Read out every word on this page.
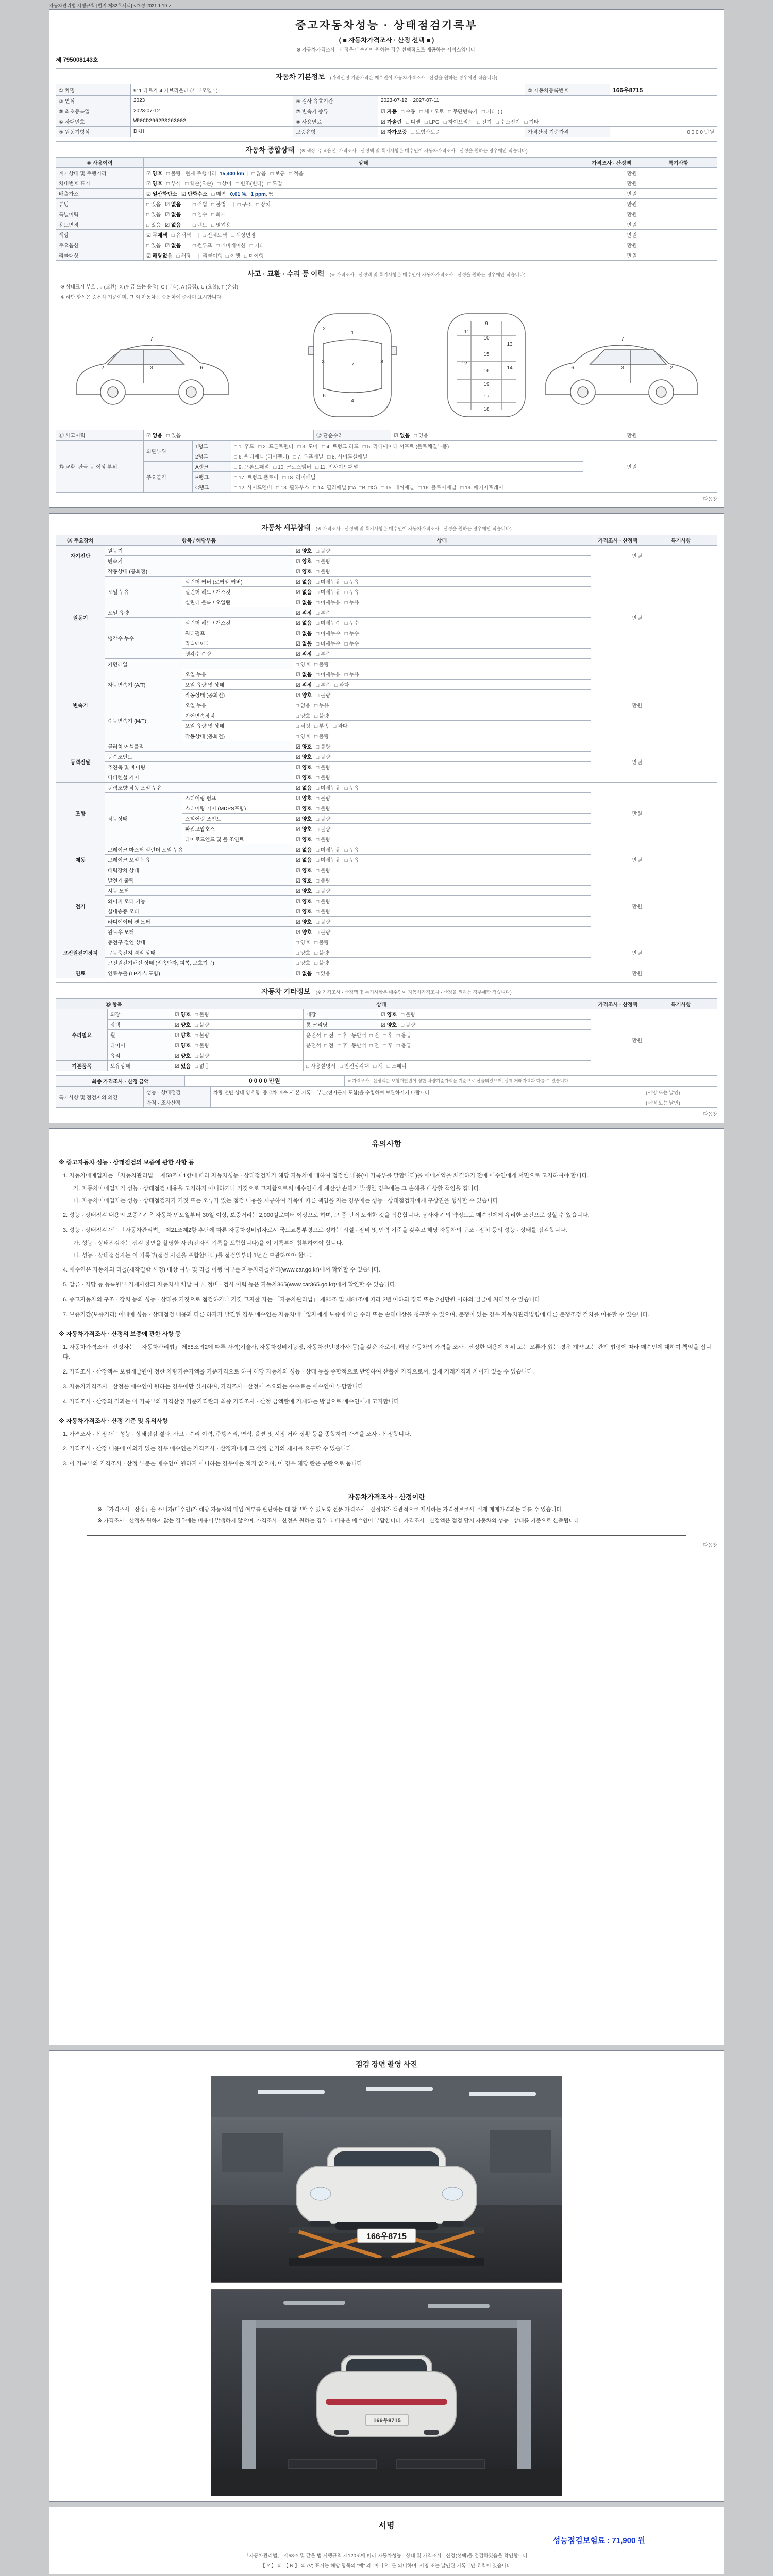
자동차관리법 시행규칙 [별지 제82호서식] <개정 2021.1.19.>
중고자동차성능 · 상태점검기록부
( ■ 자동차가격조사 · 산정 선택 ■ )
※ 자동차가격조사 · 산정은 매수인이 원하는 경우 선택적으로 제공하는 서비스입니다.
제 795008143호
자동차 기본정보 (가격산정 기준가격은 매수인이 자동차가격조사 · 산정을 원하는 경우에만 적습니다)
① 차명	911 타르가 4 카브리올레 (세부모델 : )			② 자동차등록번호	166우8715
③ 연식	2023	④ 검사 유효기간	2023-07-12 ~ 2027-07-11		
⑤ 최초등록일	2023-07-12	⑦ 변속기 종류	☑ 자동 □ 수동 □ 세미오토 □ 무단변속기 □ 기타 ( )		
⑥ 차대번호	WP0CD2962PS263002	⑧ 사용연료	☑ 가솔린 □ 디젤 □ LPG □ 하이브리드 □ 전기 □ 수소전기 □ 기타		
⑨ 원동기형식	DKH	보증유형	☑ 자가보증 □ 보험사보증	가격산정 기준가격	0 0 0 0 만원
자동차 종합상태 (※ 색상, 주요옵션, 가격조사 · 산정액 및 특기사항은 매수인이 자동차가격조사 · 산정을 원하는 경우에만 적습니다)
⑩ 사용이력	상태	가격조사 · 산정액	특기사항
계기상태 및 주행거리	☑ 양호 □ 불량 현재 주행거리 15,400 km | □ 많음 □ 보통 □ 적음	만원	
차대번호 표기	☑ 양호 □ 부식 □ 훼손(오손) □ 상이 □ 변조(변타) □ 도말	만원	
배출가스	☑ 일산화탄소 ☑ 탄화수소 □ 매연 0.01 %, 1 ppm, %	만원	
튜닝	□ 있음 ☑ 없음 | □ 적법 □ 불법 | □ 구조 □ 장치	만원	
특별이력	□ 있음 ☑ 없음 | □ 침수 □ 화재	만원	
용도변경	□ 있음 ☑ 없음 | □ 렌트 □ 영업용	만원	
색상	☑ 무채색 □ 유채색 | □ 전체도색 □ 색상변경	만원	
주요옵션	□ 있음 ☑ 없음 | □ 썬루프 □ 네비게이션 □ 기타	만원	
리콜대상	☑ 해당없음 □ 해당 | 리콜이행 □ 이행 □ 미이행	만원	
사고 · 교환 · 수리 등 이력 (※ 가격조사 · 산정액 및 특기사항은 매수인이 자동차가격조사 · 산정을 원하는 경우에만 적습니다)
※ 상태표시 부호 : ○ (교환), X (판금 또는 용접), C (부식), A (흠집), U (요철), T (손상)
※ 하단 항목은 승용차 기준이며, 그 외 자동차는 승용차에 준하여 표시합니다.
2	3	6
7
1
7
4
2
3
6
8
9
10
11
12
13
14
15
16
19
17
18
2
3
6
7
⑪ 사고이력	☑ 없음 □ 있음	⑫ 단순수리	☑ 없음 □ 있음	만원	
⑬ 교환, 판금 등 이상 부위	외판부위	1랭크	□ 1. 후드 □ 2. 프론트펜더 □ 3. 도어 □ 4. 트렁크 리드 □ 5. 라디에이터 서포트 (볼트체결부품)	만원	
		2랭크	□ 6. 쿼터패널 (리어펜더) □ 7. 루프패널 □ 8. 사이드실패널		
	주요골격	A랭크	□ 9. 프론트패널 □ 10. 크로스멤버 □ 11. 인사이드패널		
		B랭크	□ 17. 트렁크 플로어 □ 18. 리어패널		
		C랭크	□ 12. 사이드멤버 □ 13. 휠하우스 □ 14. 필러패널 (□A, □B, □C) □ 15. 대쉬패널 □ 16. 플로어패널 □ 19. 패키지트레이		
다음장
자동차 세부상태 (※ 가격조사 · 산정액 및 특기사항은 매수인이 자동차가격조사 · 산정을 원하는 경우에만 적습니다)
⑭ 주요장치	항목 / 해당부품		상태	가격조사 · 산정액	특기사항
자기진단	원동기		☑ 양호 □ 불량	만원	
	변속기		☑ 양호 □ 불량		
원동기	작동상태 (공회전)		☑ 양호 □ 불량	만원	
	오일 누유	실린더 커버 (로커암 커버)	☑ 없음 □ 미세누유 □ 누유		
		실린더 헤드 / 개스킷	☑ 없음 □ 미세누유 □ 누유		
		실린더 블록 / 오일팬	☑ 없음 □ 미세누유 □ 누유		
	오일 유량		☑ 적정 □ 부족		
	냉각수 누수	실린더 헤드 / 개스킷	☑ 없음 □ 미세누수 □ 누수		
		워터펌프	☑ 없음 □ 미세누수 □ 누수		
		라디에이터	☑ 없음 □ 미세누수 □ 누수		
		냉각수 수량	☑ 적정 □ 부족		
	커먼레일		□ 양호 □ 불량		
변속기	자동변속기 (A/T)	오일 누유	☑ 없음 □ 미세누유 □ 누유	만원	
		오일 유량 및 상태	☑ 적정 □ 부족 □ 과다		
		작동상태 (공회전)	☑ 양호 □ 불량		
	수동변속기 (M/T)	오일 누유	□ 없음 □ 누유		
		기어변속장치	□ 양호 □ 불량		
		오일 유량 및 상태	□ 적정 □ 부족 □ 과다		
		작동상태 (공회전)	□ 양호 □ 불량		
동력전달	클러치 어셈블리		☑ 양호 □ 불량	만원	
	등속조인트		☑ 양호 □ 불량		
	추진축 및 베어링		☑ 양호 □ 불량		
	디퍼렌셜 기어		☑ 양호 □ 불량		
조향	동력조향 작동 오일 누유		☑ 없음 □ 미세누유 □ 누유	만원	
	작동상태	스티어링 펌프	☑ 양호 □ 불량		
		스티어링 기어 (MDPS포함)	☑ 양호 □ 불량		
		스티어링 조인트	☑ 양호 □ 불량		
		파워고압호스	☑ 양호 □ 불량		
		타이로드엔드 및 볼 조인트	☑ 양호 □ 불량		
제동	브레이크 마스터 실린더 오일 누유		☑ 없음 □ 미세누유 □ 누유	만원	
	브레이크 오일 누유		☑ 없음 □ 미세누유 □ 누유		
	배력장치 상태		☑ 양호 □ 불량		
전기	발전기 출력		☑ 양호 □ 불량	만원	
	시동 모터		☑ 양호 □ 불량		
	와이퍼 모터 기능		☑ 양호 □ 불량		
	실내송풍 모터		☑ 양호 □ 불량		
	라디에이터 팬 모터		☑ 양호 □ 불량		
	윈도우 모터		☑ 양호 □ 불량		
고전원전기장치	충전구 절연 상태		□ 양호 □ 불량	만원	
	구동축전지 격리 상태		□ 양호 □ 불량		
	고전원전기배선 상태 (접속단자, 피복, 보호기구)		□ 양호 □ 불량		
연료	연료누출 (LP가스 포함)		☑ 없음 □ 있음	만원	
자동차 기타정보 (※ 가격조사 · 산정액 및 특기사항은 매수인이 자동차가격조사 · 산정을 원하는 경우에만 적습니다)
⑮ 항목		상태			가격조사 · 산정액	특기사항
수리필요	외장	☑ 양호 □ 불량	내장	☑ 양호 □ 불량	만원	
	광택	☑ 양호 □ 불량	룸 크리닝	☑ 양호 □ 불량		
	휠	☑ 양호 □ 불량	운전석 □ 전 □ 후 동반석 □ 전 □ 후 □ 응급			
	타이어	☑ 양호 □ 불량	운전석 □ 전 □ 후 동반석 □ 전 □ 후 □ 응급			
	유리	☑ 양호 □ 불량				
기본품목	보유상태	☑ 있음 □ 없음	□ 사용설명서 □ 안전삼각대 □ 잭 □ 스패너			
최종 가격조사 · 산정 금액	0 0 0 0 만원	※ 가격조사 · 산정액은 보험개발원이 정한 차량기준가액을 기준으로 산출되었으며, 실제 거래가격과 다를 수 있습니다.
특기사항 및 점검자의 의견	성능 · 상태점검	차량 전반 상태 양호함. 중고차 매수 시 본 기록부 부본(전자문서 포함)을 수령하여 보관하시기 바랍니다.	(서명 또는 날인)
	가격 · 조사산정		(서명 또는 날인)
다음장
유의사항

※ 중고자동차 성능 · 상태점검의 보증에 관한 사항 등

1. 자동차매매업자는 「자동차관리법」 제58조제1항에 따라 자동차성능 · 상태점검자가 해당 자동차에 대하여 점검한 내용(이 기록부를 말합니다)을 매매계약을 체결하기 전에 매수인에게 서면으로 고지하여야 합니다.

가. 자동차매매업자가 성능 · 상태점검 내용을 고지하지 아니하거나 거짓으로 고지함으로써 매수인에게 재산상 손해가 발생한 경우에는 그 손해를 배상할 책임을 집니다.

나. 자동차매매업자는 성능 · 상태점검자가 거짓 또는 오류가 있는 점검 내용을 제공하여 가목에 따른 책임을 지는 경우에는 성능 · 상태점검자에게 구상권을 행사할 수 있습니다.

2. 성능 · 상태점검 내용의 보증기간은 자동차 인도일부터 30일 이상, 보증거리는 2,000킬로미터 이상으로 하며, 그 중 먼저 도래한 것을 적용합니다. 당사자 간의 약정으로 매수인에게 유리한 조건으로 정할 수 있습니다.

3. 성능 · 상태점검자는 「자동차관리법」 제21조제2항 후단에 따른 자동차정비업자로서 국토교통부령으로 정하는 시설 · 장비 및 인력 기준을 갖추고 해당 자동차의 구조 · 장치 등의 성능 · 상태를 점검합니다.

가. 성능 · 상태점검자는 점검 장면을 촬영한 사진(전자적 기록을 포함합니다)을 이 기록부에 첨부하여야 합니다.

나. 성능 · 상태점검자는 이 기록부(점검 사진을 포함합니다)를 점검일부터 1년간 보관하여야 합니다.

4. 매수인은 자동차의 리콜(제작결함 시정) 대상 여부 및 리콜 이행 여부를 자동차리콜센터(www.car.go.kr)에서 확인할 수 있습니다.

5. 압류 · 저당 등 등록원부 기재사항과 자동차세 체납 여부, 정비 · 검사 이력 등은 자동차365(www.car365.go.kr)에서 확인할 수 있습니다.

6. 중고자동차의 구조 · 장치 등의 성능 · 상태를 거짓으로 점검하거나 거짓 고지한 자는 「자동차관리법」 제80조 및 제81조에 따라 2년 이하의 징역 또는 2천만원 이하의 벌금에 처해질 수 있습니다.

7. 보증기간(보증거리) 이내에 성능 · 상태점검 내용과 다른 하자가 발견된 경우 매수인은 자동차매매업자에게 보증에 따른 수리 또는 손해배상을 청구할 수 있으며, 분쟁이 있는 경우 자동차관리법령에 따른 분쟁조정 절차를 이용할 수 있습니다.

※ 자동차가격조사 · 산정의 보증에 관한 사항 등

1. 자동차가격조사 · 산정자는 「자동차관리법」 제58조의2에 따른 자격(기술사, 자동차정비기능장, 자동차진단평가사 등)을 갖춘 자로서, 해당 자동차의 가격을 조사 · 산정한 내용에 허위 또는 오류가 있는 경우 계약 또는 관계 법령에 따라 매수인에 대하여 책임을 집니다.

2. 가격조사 · 산정액은 보험개발원이 정한 차량기준가액을 기준가격으로 하여 해당 자동차의 성능 · 상태 등을 종합적으로 반영하여 산출한 가격으로서, 실제 거래가격과 차이가 있을 수 있습니다.

3. 자동차가격조사 · 산정은 매수인이 원하는 경우에만 실시하며, 가격조사 · 산정에 소요되는 수수료는 매수인이 부담합니다.

4. 가격조사 · 산정의 결과는 이 기록부의 가격산정 기준가격란과 최종 가격조사 · 산정 금액란에 기재하는 방법으로 매수인에게 고지합니다.

※ 자동차가격조사 · 산정 기준 및 유의사항

1. 가격조사 · 산정자는 성능 · 상태점검 결과, 사고 · 수리 이력, 주행거리, 연식, 옵션 및 시장 거래 상황 등을 종합하여 가격을 조사 · 산정합니다.

2. 가격조사 · 산정 내용에 이의가 있는 경우 매수인은 가격조사 · 산정자에게 그 산정 근거의 제시를 요구할 수 있습니다.

3. 이 기록부의 가격조사 · 산정 부분은 매수인이 원하지 아니하는 경우에는 적지 않으며, 이 경우 해당 란은 공란으로 둡니다.

자동차가격조사 · 산정이란

※ 「가격조사 · 산정」은 소비자(매수인)가 해당 자동차의 매입 여부를 판단하는 데 참고할 수 있도록 전문 가격조사 · 산정자가 객관적으로 제시하는 가격정보로서, 실제 매매가격과는 다를 수 있습니다.

※ 가격조사 · 산정을 원하지 않는 경우에는 비용이 발생하지 않으며, 가격조사 · 산정을 원하는 경우 그 비용은 매수인이 부담합니다. 가격조사 · 산정액은 점검 당시 자동차의 성능 · 상태를 기준으로 산출됩니다.

다음장
점검 장면 촬영 사진
166우8715
166우8715
서명
성능점검보험료 : 71,900 원
「자동차관리법」 제58조 및 같은 법 시행규칙 제120조에 따라 자동차성능 · 상태 및 가격조사 · 산정(선택)을 점검하였음을 확인합니다.
【 Y 】 와 【 N 】 의 (V) 표시는 해당 항목의 "예" 와 "아니오" 를 의미하며, 서명 또는 날인된 기록부만 효력이 있습니다.
